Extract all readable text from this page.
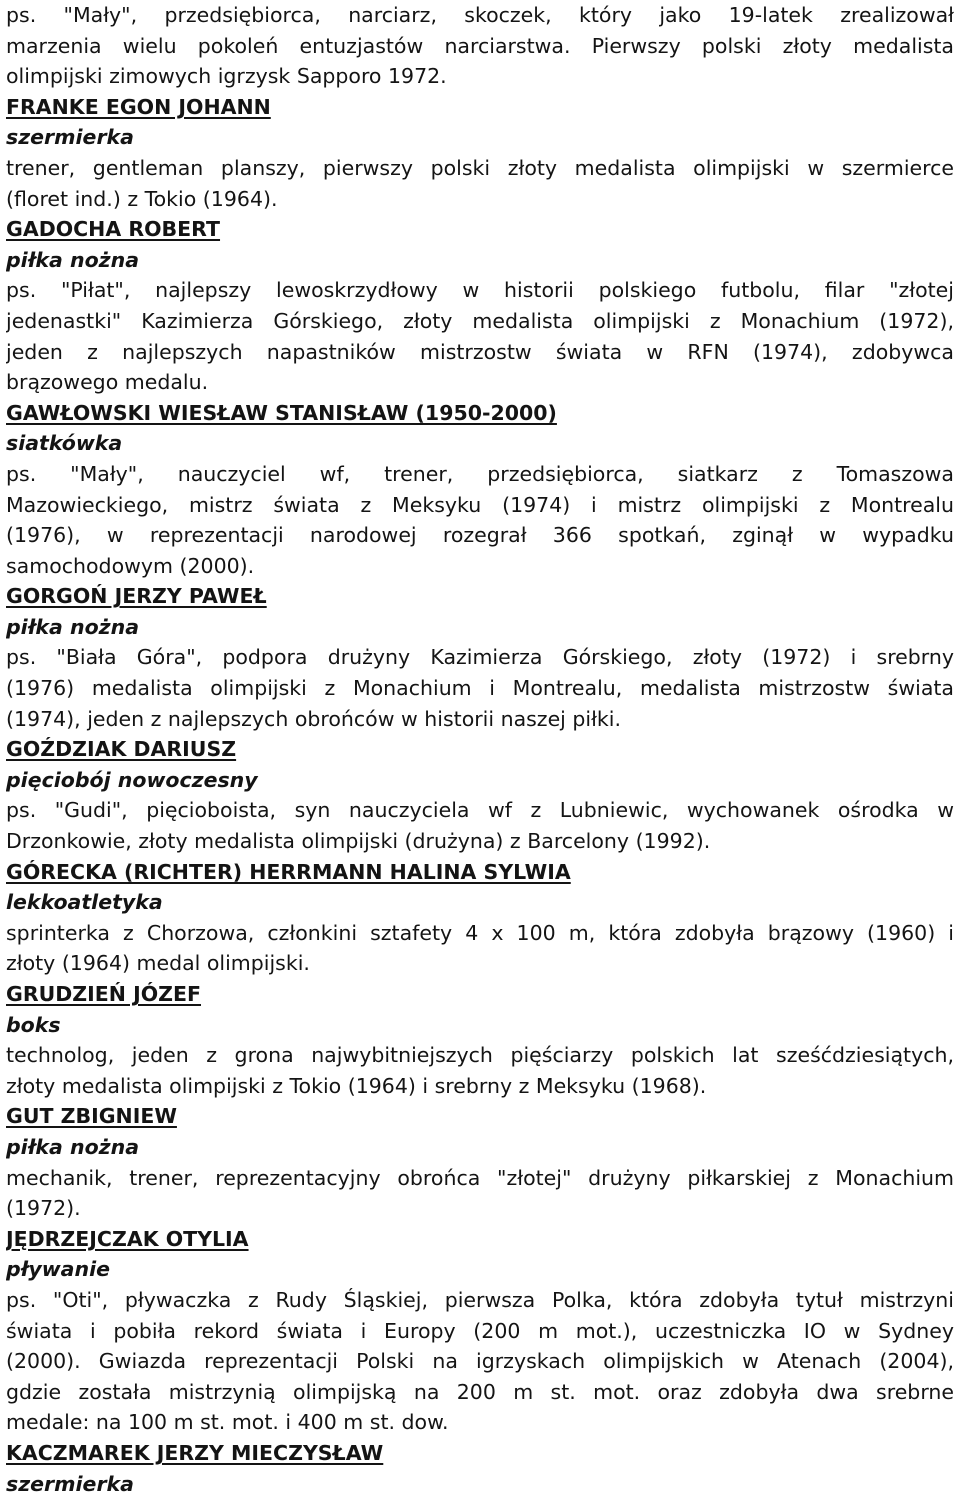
ps. "Mały", przedsiębiorca, narciarz, skoczek, który jako 19-latek zrealizował
marzenia wielu pokoleń entuzjastów narciarstwa. Pierwszy polski złoty medalista
olimpijski zimowych igrzysk Sapporo 1972.
FRANKE EGON JOHANN
szermierka
trener, gentleman planszy, pierwszy polski złoty medalista olimpijski w szermierce
(floret ind.) z Tokio (1964).
GADOCHA ROBERT
piłka nożna
ps. "Piłat", najlepszy lewoskrzydłowy w historii polskiego futbolu, filar "złotej
jedenastki" Kazimierza Górskiego, złoty medalista olimpijski z Monachium (1972),
jeden z najlepszych napastników mistrzostw świata w RFN (1974), zdobywca
brązowego medalu.
GAWŁOWSKI WIESŁAW STANISŁAW (1950-2000)
siatkówka
ps. "Mały", nauczyciel wf, trener, przedsiębiorca, siatkarz z Tomaszowa
Mazowieckiego, mistrz świata z Meksyku (1974) i mistrz olimpijski z Montrealu
(1976), w reprezentacji narodowej rozegrał 366 spotkań, zginął w wypadku
samochodowym (2000).
GORGOŃ JERZY PAWEŁ
piłka nożna
ps. "Biała Góra", podpora drużyny Kazimierza Górskiego, złoty (1972) i srebrny
(1976) medalista olimpijski z Monachium i Montrealu, medalista mistrzostw świata
(1974), jeden z najlepszych obrońców w historii naszej piłki.
GOŹDZIAK DARIUSZ
pięciobój nowoczesny
ps. "Gudi", pięcioboista, syn nauczyciela wf z Lubniewic, wychowanek ośrodka w
Drzonkowie, złoty medalista olimpijski (drużyna) z Barcelony (1992).
GÓRECKA (RICHTER) HERRMANN HALINA SYLWIA
lekkoatletyka
sprinterka z Chorzowa, członkini sztafety 4 x 100 m, która zdobyła brązowy (1960) i
złoty (1964) medal olimpijski.
GRUDZIEŃ JÓZEF
boks
technolog, jeden z grona najwybitniejszych pięściarzy polskich lat sześćdziesiątych,
złoty medalista olimpijski z Tokio (1964) i srebrny z Meksyku (1968).
GUT ZBIGNIEW
piłka nożna
mechanik, trener, reprezentacyjny obrońca "złotej" drużyny piłkarskiej z Monachium
(1972).
JĘDRZEJCZAK OTYLIA
pływanie
ps. "Oti", pływaczka z Rudy Śląskiej, pierwsza Polka, która zdobyła tytuł mistrzyni
świata i pobiła rekord świata i Europy (200 m mot.), uczestniczka IO w Sydney
(2000). Gwiazda reprezentacji Polski na igrzyskach olimpijskich w Atenach (2004),
gdzie została mistrzynią olimpijską na 200 m st. mot. oraz zdobyła dwa srebrne
medale: na 100 m st. mot. i 400 m st. dow.
KACZMAREK JERZY MIECZYSŁAW
szermierka
